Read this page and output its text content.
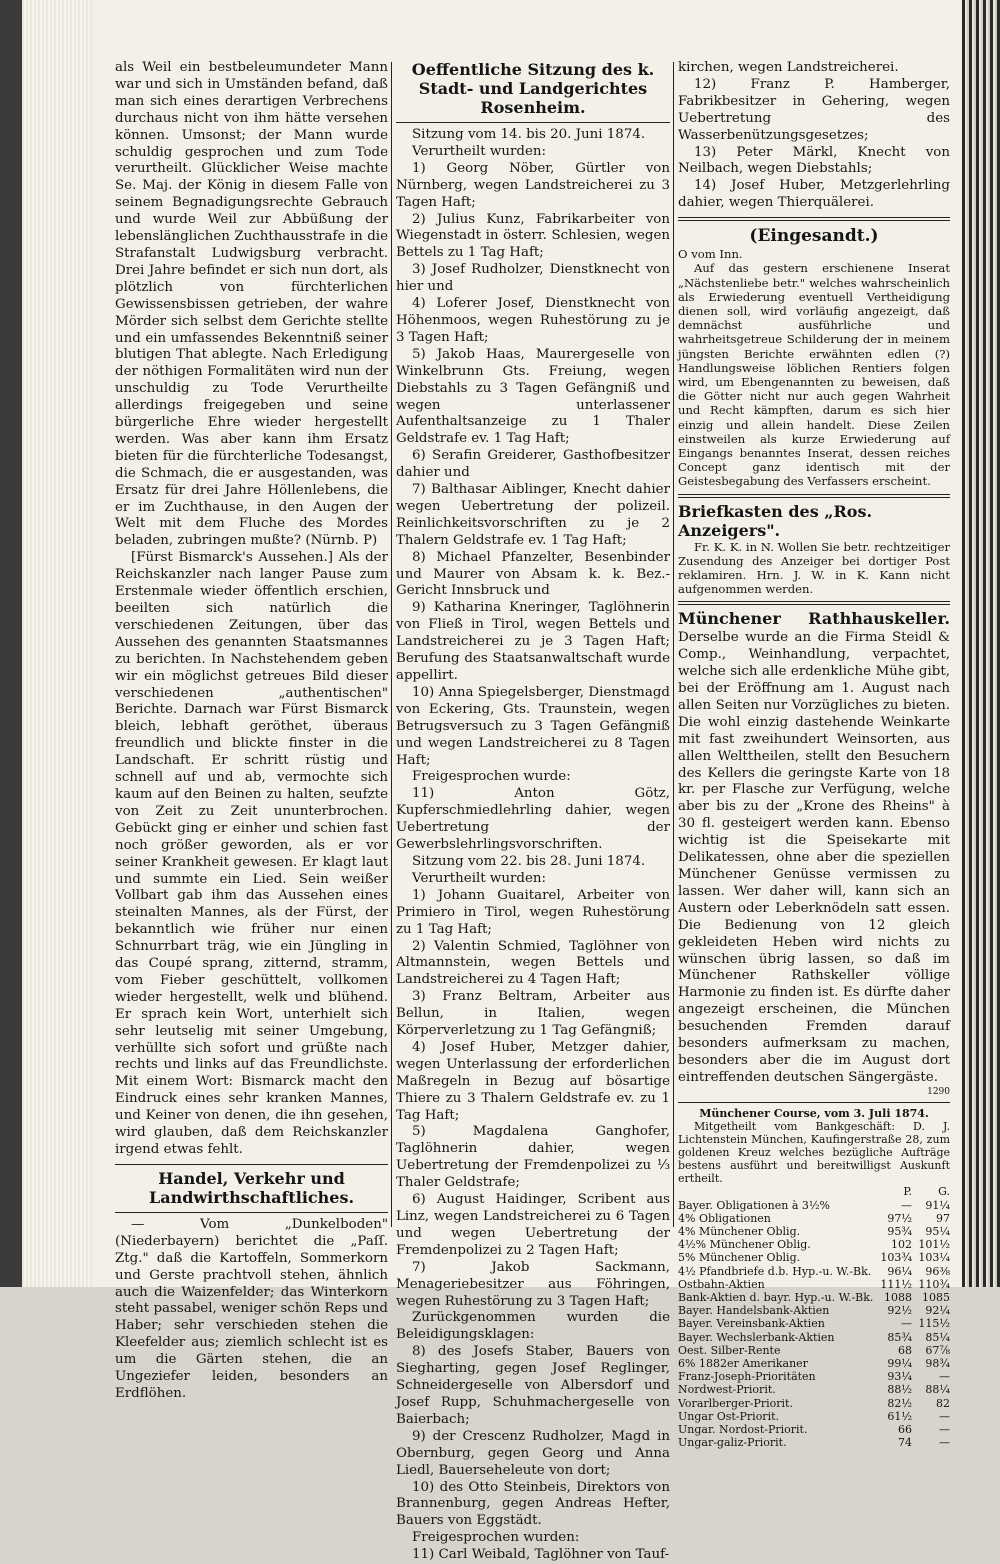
als Weil ein bestbeleumundeter Mann war und sich in Umständen befand, daß man sich eines derartigen Verbrechens durchaus nicht von ihm hätte versehen können. Umsonst; der Mann wurde schuldig gesprochen und zum Tode verurtheilt. Glücklicher Weise machte Se. Maj. der König in diesem Falle von seinem Begnadigungsrechte Gebrauch und wurde Weil zur Abbüßung der lebenslänglichen Zuchthausstrafe in die Strafanstalt Ludwigsburg verbracht. Drei Jahre befindet er sich nun dort, als plötzlich von fürchterlichen Gewissensbissen getrieben, der wahre Mörder sich selbst dem Gerichte stellte und ein umfassendes Bekenntniß seiner blutigen That ablegte. Nach Erledigung der nöthigen Formalitäten wird nun der unschuldig zu Tode Verurtheilte allerdings freigegeben und seine bürgerliche Ehre wieder hergestellt werden. Was aber kann ihm Ersatz bieten für die fürchterliche Todesangst, die Schmach, die er ausgestanden, was Ersatz für drei Jahre Höllenlebens, die er im Zuchthause, in den Augen der Welt mit dem Fluche des Mordes beladen, zubringen mußte? (Nürnb. P)

[Fürst Bismarck's Aussehen.] Als der Reichskanzler nach langer Pause zum Erstenmale wieder öffentlich erschien, beeilten sich natürlich die verschiedenen Zeitungen, über das Aussehen des genannten Staatsmannes zu berichten. In Nachstehendem geben wir ein möglichst getreues Bild dieser verschiedenen „authentischen" Berichte. Darnach war Fürst Bismarck bleich, lebhaft geröthet, überaus freundlich und blickte finster in die Landschaft. Er schritt rüstig und schnell auf und ab, vermochte sich kaum auf den Beinen zu halten, seufzte von Zeit zu Zeit ununterbrochen. Gebückt ging er einher und schien fast noch größer geworden, als er vor seiner Krankheit gewesen. Er klagt laut und summte ein Lied. Sein weißer Vollbart gab ihm das Aussehen eines steinalten Mannes, als der Fürst, der bekanntlich wie früher nur einen Schnurrbart träg, wie ein Jüngling in das Coupé sprang, zitternd, stramm, vom Fieber geschüttelt, vollkomen wieder hergestellt, welk und blühend. Er sprach kein Wort, unterhielt sich sehr leutselig mit seiner Umgebung, verhüllte sich sofort und grüßte nach rechts und links auf das Freundlichste. Mit einem Wort: Bismarck macht den Eindruck eines sehr kranken Mannes, und Keiner von denen, die ihn gesehen, wird glauben, daß dem Reichskanzler irgend etwas fehlt.

Handel, Verkehr und Landwirthschaftliches.

— Vom „Dunkelboden" (Niederbayern) berichtet die „Paſſ. Ztg." daß die Kartoffeln, Sommerkorn und Gerste prachtvoll stehen, ähnlich auch die Waizenfelder; das Winterkorn steht passabel, weniger schön Reps und Haber; sehr verschieden stehen die Kleefelder aus; ziemlich schlecht ist es um die Gärten stehen, die an Ungeziefer leiden, besonders an Erdflöhen.

Oeffentliche Sitzung des k. Stadt- und Landgerichtes Rosenheim.

Sitzung vom 14. bis 20. Juni 1874.

Verurtheilt wurden:

1) Georg Nöber, Gürtler von Nürnberg, wegen Landstreicherei zu 3 Tagen Haft;

2) Julius Kunz, Fabrikarbeiter von Wiegenstadt in österr. Schlesien, wegen Bettels zu 1 Tag Haft;

3) Josef Rudholzer, Dienstknecht von hier und

4) Loferer Josef, Dienstknecht von Höhenmoos, wegen Ruhestörung zu je 3 Tagen Haft;

5) Jakob Haas, Maurergeselle von Winkelbrunn Gts. Freiung, wegen Diebstahls zu 3 Tagen Gefängniß und wegen unterlassener Aufenthaltsanzeige zu 1 Thaler Geldstrafe ev. 1 Tag Haft;

6) Serafin Greiderer, Gasthofbesitzer dahier und

7) Balthasar Aiblinger, Knecht dahier wegen Uebertretung der polizeil. Reinlichkeitsvorschriften zu je 2 Thalern Geldstrafe ev. 1 Tag Haft;

8) Michael Pfanzelter, Besenbinder und Maurer von Absam k. k. Bez.-Gericht Innsbruck und

9) Katharina Kneringer, Taglöhnerin von Fließ in Tirol, wegen Bettels und Landstreicherei zu je 3 Tagen Haft; Berufung des Staatsanwaltschaft wurde appellirt.

10) Anna Spiegelsberger, Dienstmagd von Eckering, Gts. Traunstein, wegen Betrugsversuch zu 3 Tagen Gefängniß und wegen Landstreicherei zu 8 Tagen Haft;

Freigesprochen wurde:

11) Anton Götz, Kupferschmiedlehrling dahier, wegen Uebertretung der Gewerbslehrlingsvorschriften.

Sitzung vom 22. bis 28. Juni 1874.

Verurtheilt wurden:

1) Johann Guaitarel, Arbeiter von Primiero in Tirol, wegen Ruhestörung zu 1 Tag Haft;

2) Valentin Schmied, Taglöhner von Altmannstein, wegen Bettels und Landstreicherei zu 4 Tagen Haft;

3) Franz Beltram, Arbeiter aus Bellun, in Italien, wegen Körperverletzung zu 1 Tag Gefängniß;

4) Josef Huber, Metzger dahier, wegen Unterlassung der erforderlichen Maßregeln in Bezug auf bösartige Thiere zu 3 Thalern Geldstrafe ev. zu 1 Tag Haft;

5) Magdalena Ganghofer, Taglöhnerin dahier, wegen Uebertretung der Fremdenpolizei zu ⅓ Thaler Geldstrafe;

6) August Haidinger, Scribent aus Linz, wegen Landstreicherei zu 6 Tagen und wegen Uebertretung der Fremdenpolizei zu 2 Tagen Haft;

7) Jakob Sackmann, Menageriebesitzer aus Föhringen, wegen Ruhestörung zu 3 Tagen Haft;

Zurückgenommen wurden die Beleidigungsklagen:

8) des Josefs Staber, Bauers von Siegharting, gegen Josef Reglinger, Schneidergeselle von Albersdorf und Josef Rupp, Schuhmachergeselle von Baierbach;

9) der Crescenz Rudholzer, Magd in Obernburg, gegen Georg und Anna Liedl, Bauerseheleute von dort;

10) des Otto Steinbeis, Direktors von Brannenburg, gegen Andreas Hefter, Bauers von Eggstädt.

Freigesprochen wurden:

11) Carl Weibald, Taglöhner von Tauf-

kirchen, wegen Landstreicherei.

12) Franz P. Hamberger, Fabrikbesitzer in Gehering, wegen Uebertretung des Wasserbenützungsgesetzes;

13) Peter Märkl, Knecht von Neilbach, wegen Diebstahls;

14) Josef Huber, Metzgerlehrling dahier, wegen Thierquälerei.

(Eingesandt.)

O vom Inn.

Auf das gestern erschienene Inserat „Nächstenliebe betr." welches wahrscheinlich als Erwiederung eventuell Vertheidigung dienen soll, wird vorläufig angezeigt, daß demnächst ausführliche und wahrheitsgetreue Schilderung der in meinem jüngsten Berichte erwähnten edlen (?) Handlungsweise löblichen Rentiers folgen wird, um Ebengenannten zu beweisen, daß die Götter nicht nur auch gegen Wahrheit und Recht kämpften, darum es sich hier einzig und allein handelt. Diese Zeilen einstweilen als kurze Erwiederung auf Eingangs benanntes Inserat, dessen reiches Concept ganz identisch mit der Geistesbegabung des Verfassers erscheint.

Briefkasten des „Ros. Anzeigers".

Fr. K. K. in N. Wollen Sie betr. rechtzeitiger Zusendung des Anzeiger bei dortiger Post reklamiren. Hrn. J. W. in K. Kann nicht aufgenommen werden.

Münchener Rathhauskeller. Derselbe wurde an die Firma Steidl & Comp., Weinhandlung, verpachtet, welche sich alle erdenkliche Mühe gibt, bei der Eröffnung am 1. August nach allen Seiten nur Vorzügliches zu bieten. Die wohl einzig dastehende Weinkarte mit fast zweihundert Weinsorten, aus allen Welttheilen, stellt den Besuchern des Kellers die geringste Karte von 18 kr. per Flasche zur Verfügung, welche aber bis zu der „Krone des Rheins" à 30 fl. gesteigert werden kann. Ebenso wichtig ist die Speisekarte mit Delikatessen, ohne aber die speziellen Münchener Genüsse vermissen zu lassen. Wer daher will, kann sich an Austern oder Leberknödeln satt essen. Die Bedienung von 12 gleich gekleideten Heben wird nichts zu wünschen übrig lassen, so daß im Münchener Rathskeller völlige Harmonie zu finden ist. Es dürfte daher angezeigt erscheinen, die München besuchenden Fremden darauf besonders aufmerksam zu machen, besonders aber die im August dort eintreffenden deutschen Sängergäste.

1290

Münchener Course, vom 3. Juli 1874.

Mitgetheilt vom Bankgeschäft: D. J. Lichtenstein München, Kaufingerstraße 28, zum goldenen Kreuz welches bezügliche Aufträge bestens ausführt und bereitwilligst Auskunft ertheilt.

	P.	G.
Bayer. Obligationen à 3½%	—	91¼
4% Obligationen	97½	97
4% Münchener Oblig.	95¾	95¼
4½% Münchener Oblig.	102	101½
5% Münchener Oblig.	103¾	103¼
4½ Pfandbriefe d.b. Hyp.-u. W.-Bk.	96¼	96⅜
Ostbahn-Aktien	111½	110¾
Bank-Aktien d. bayr. Hyp.-u. W.-Bk.	1088	1085
Bayer. Handelsbank-Aktien	92½	92¼
Bayer. Vereinsbank-Aktien	—	115½
Bayer. Wechslerbank-Aktien	85¾	85¼
Oest. Silber-Rente	68	67⅞
6% 1882er Amerikaner	99¼	98¾
Franz-Joseph-Prioritäten	93¼	—
Nordwest-Priorit.	88½	88¼
Vorarlberger-Priorit.	82½	82
Ungar Ost-Priorit.	61½	—
Ungar. Nordost-Priorit.	66	—
Ungar-galiz-Priorit.	74	—
